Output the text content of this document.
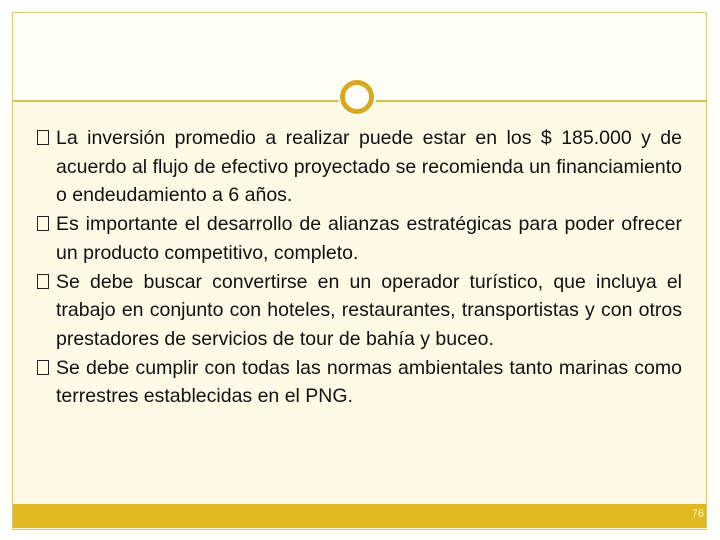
La inversión promedio a realizar puede estar en los $ 185.000 y de acuerdo al flujo de efectivo proyectado se recomienda un financiamiento o endeudamiento a 6 años.
Es importante el desarrollo de alianzas estratégicas para poder ofrecer un producto competitivo, completo.
Se debe buscar convertirse en un operador turístico, que incluya el trabajo en conjunto con hoteles, restaurantes, transportistas y con otros prestadores de servicios de tour de bahía y buceo.
Se debe cumplir con todas las normas ambientales tanto marinas como terrestres establecidas en el PNG.
76
